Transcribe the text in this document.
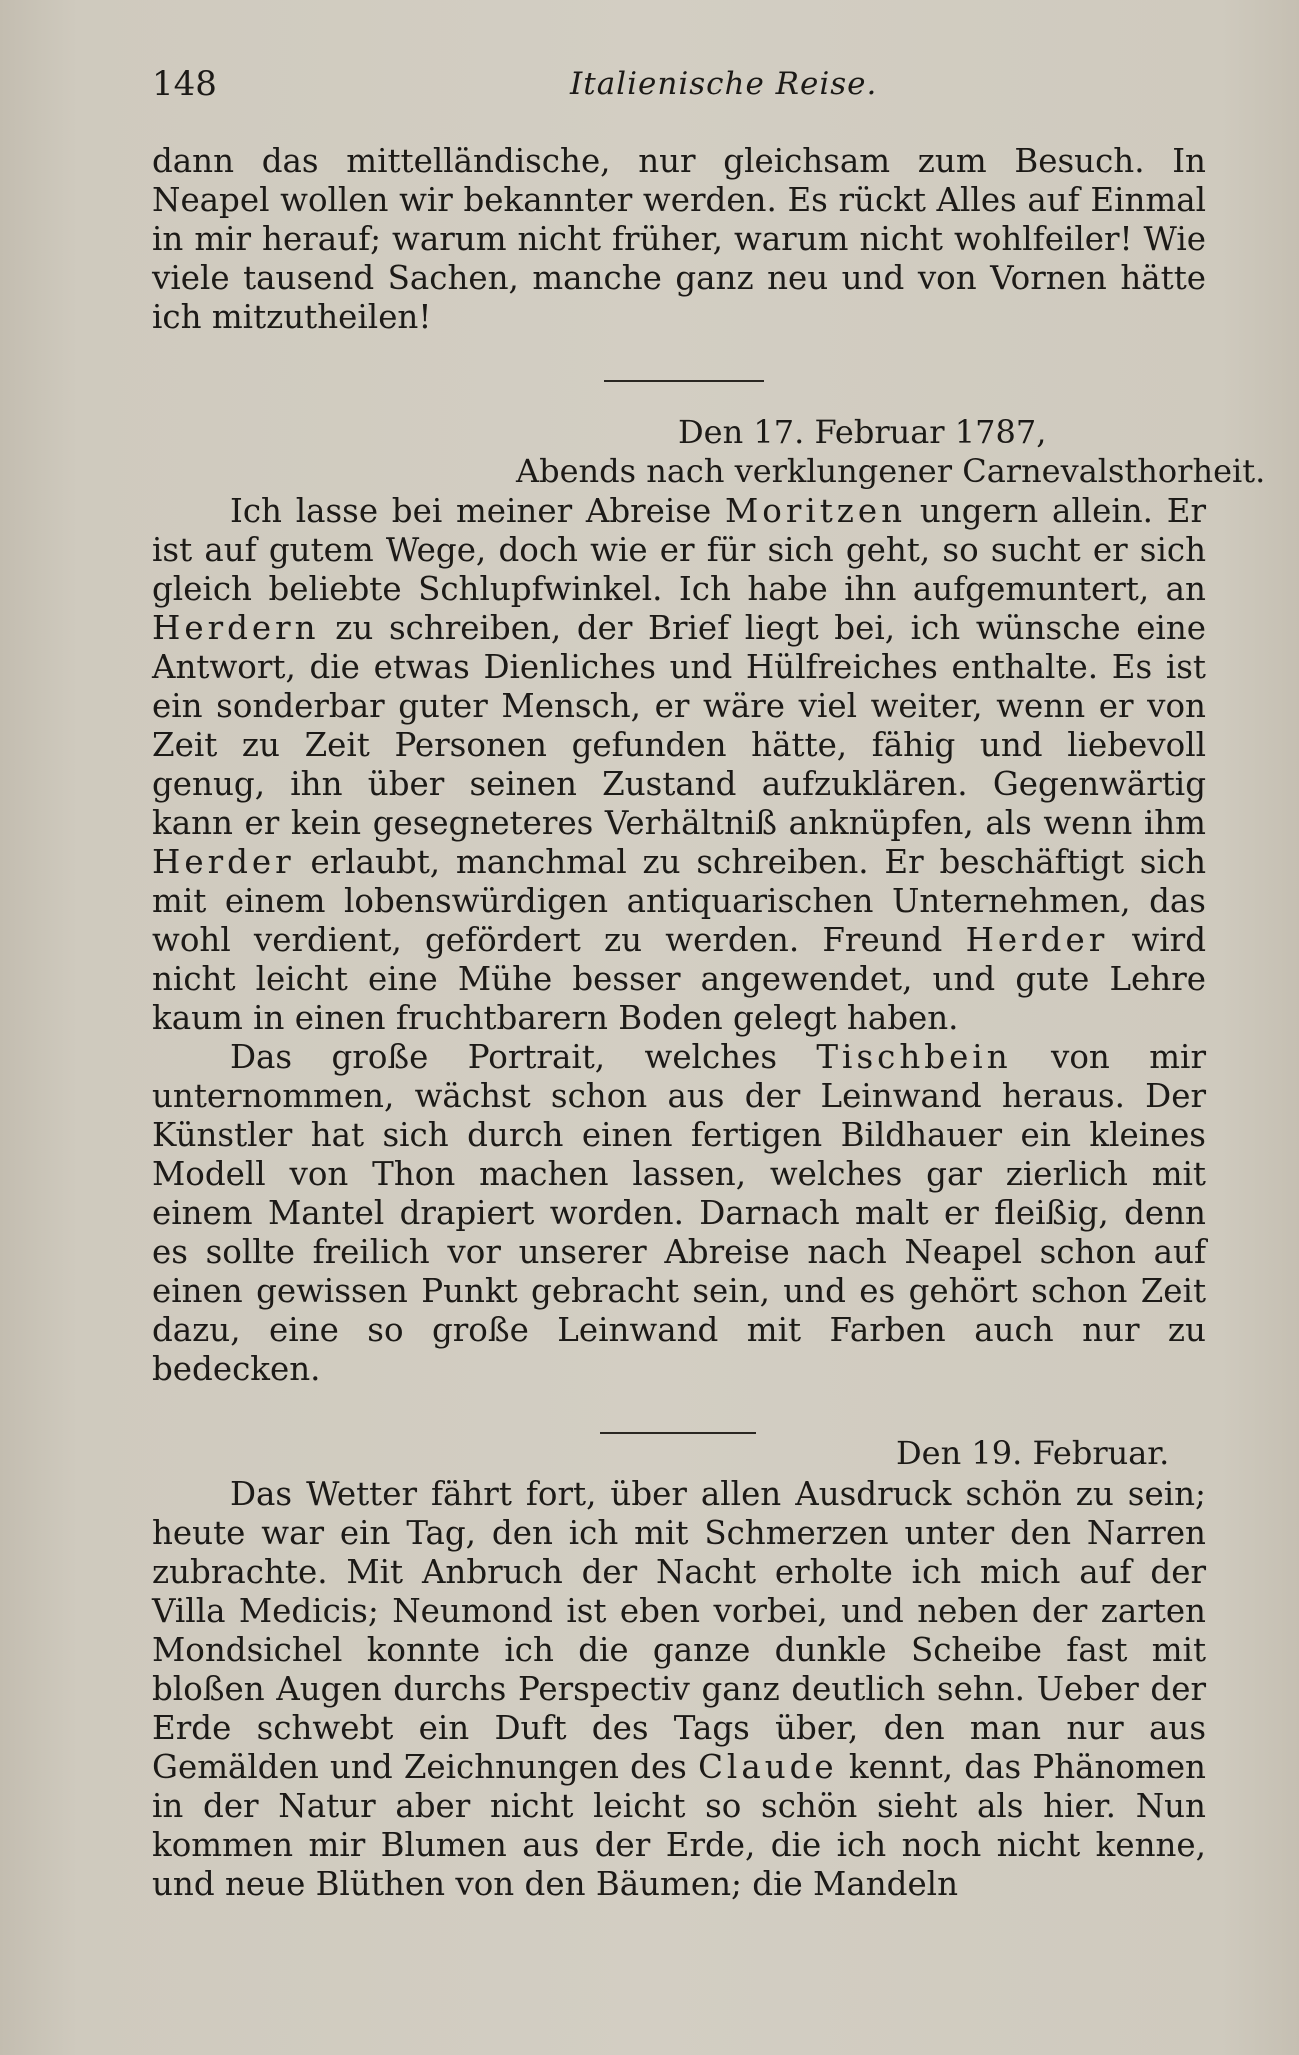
148	Italienische Reise.

dann das mittelländische, nur gleichsam zum Besuch. In Neapel wollen wir bekannter werden. Es rückt Alles auf Einmal in mir herauf; warum nicht früher, warum nicht wohlfeiler! Wie viele tausend Sachen, manche ganz neu und von Vornen hätte ich mitzutheilen!

Den 17. Februar 1787,
Abends nach verklungener Carnevalsthorheit.

Ich lasse bei meiner Abreise Moritzen ungern allein. Er ist auf gutem Wege, doch wie er für sich geht, so sucht er sich gleich beliebte Schlupfwinkel. Ich habe ihn aufgemuntert, an Herdern zu schreiben, der Brief liegt bei, ich wünsche eine Antwort, die etwas Dienliches und Hülfreiches enthalte. Es ist ein sonderbar guter Mensch, er wäre viel weiter, wenn er von Zeit zu Zeit Personen gefunden hätte, fähig und liebevoll genug, ihn über seinen Zustand aufzuklären. Gegenwärtig kann er kein gesegneteres Verhältniß anknüpfen, als wenn ihm Herder erlaubt, manchmal zu schreiben. Er beschäftigt sich mit einem lobenswürdigen antiquarischen Unternehmen, das wohl verdient, gefördert zu werden. Freund Herder wird nicht leicht eine Mühe besser angewendet, und gute Lehre kaum in einen fruchtbarern Boden gelegt haben.

Das große Portrait, welches Tischbein von mir unternommen, wächst schon aus der Leinwand heraus. Der Künstler hat sich durch einen fertigen Bildhauer ein kleines Modell von Thon machen lassen, welches gar zierlich mit einem Mantel drapiert worden. Darnach malt er fleißig, denn es sollte freilich vor unserer Abreise nach Neapel schon auf einen gewissen Punkt gebracht sein, und es gehört schon Zeit dazu, eine so große Leinwand mit Farben auch nur zu bedecken.

Den 19. Februar.

Das Wetter fährt fort, über allen Ausdruck schön zu sein; heute war ein Tag, den ich mit Schmerzen unter den Narren zubrachte. Mit Anbruch der Nacht erholte ich mich auf der Villa Medicis; Neumond ist eben vorbei, und neben der zarten Mondsichel konnte ich die ganze dunkle Scheibe fast mit bloßen Augen durchs Perspectiv ganz deutlich sehn. Ueber der Erde schwebt ein Duft des Tags über, den man nur aus Gemälden und Zeichnungen des Claude kennt, das Phänomen in der Natur aber nicht leicht so schön sieht als hier. Nun kommen mir Blumen aus der Erde, die ich noch nicht kenne, und neue Blüthen von den Bäumen; die Mandeln
